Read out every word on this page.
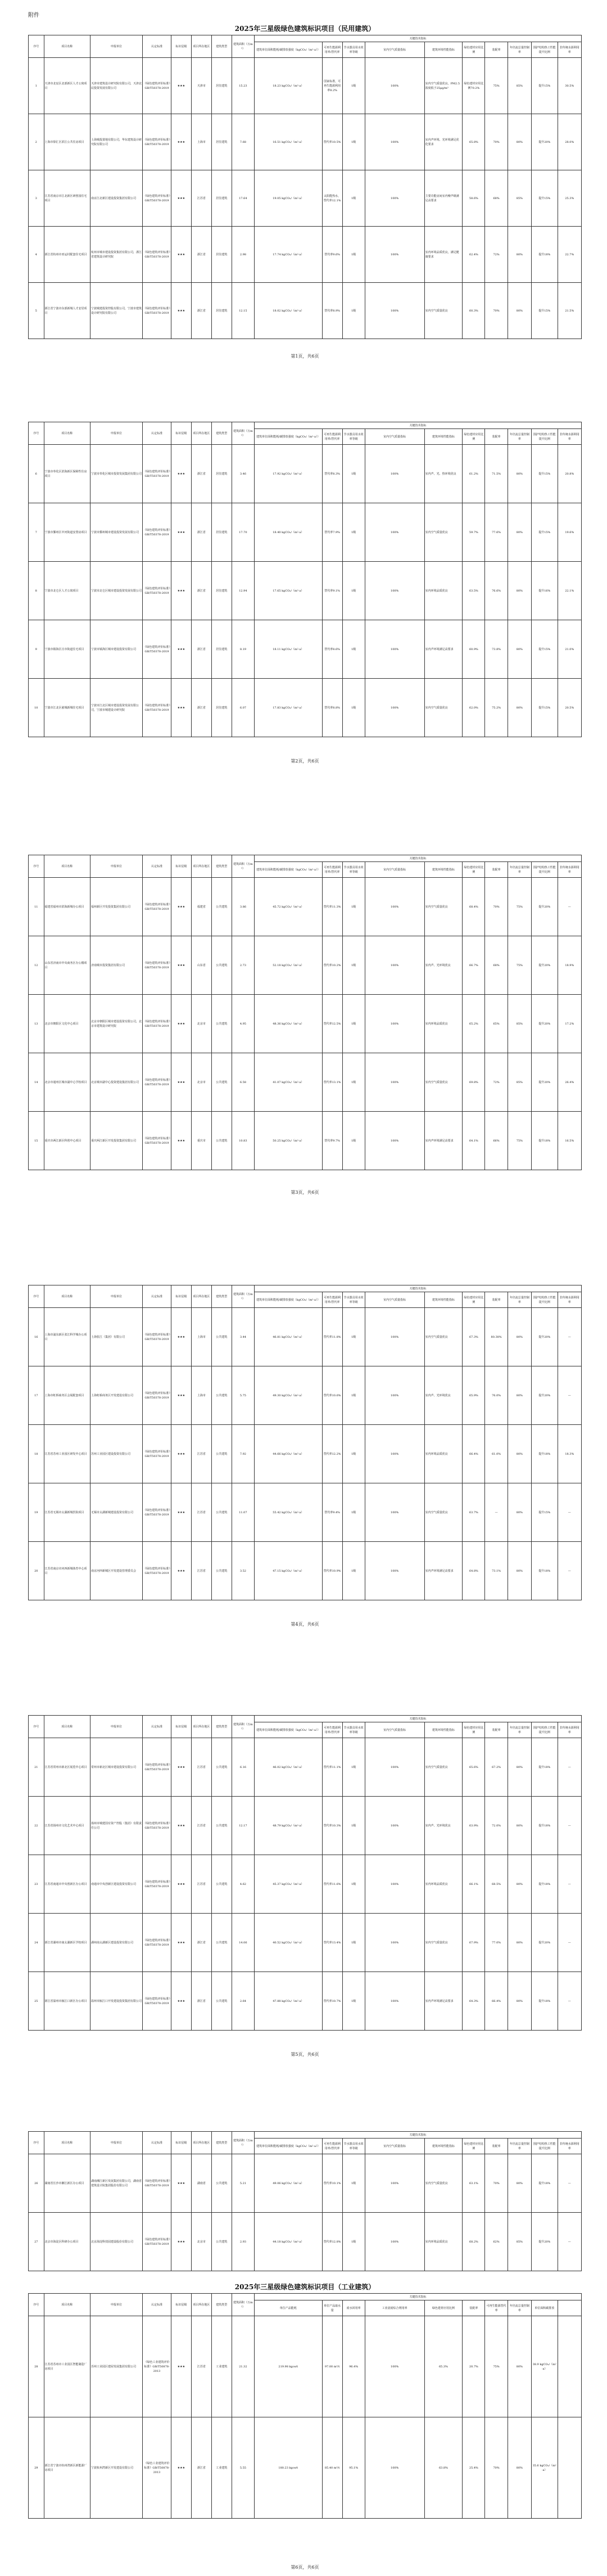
附件
2025年三星级绿色建筑标识项目（民用建筑）
序号	项目名称	申报单位	认定标准	标识星级	项目所在地区	建筑类型	建筑面积（万m²）	关键技术指标									
								建筑单位面积能耗/碳排放强度（kgCO₂/（m²·a））	可再生能源利用率/替代率	节水器具用水效率等级	室内空气质量指标	建筑环境性能指标	绿色建材应用比例	装配率	年径流总量控制率	围护结构热工性能提升比例	非传统水源利用率
1	天津市北辰区北部新区人才公寓项目	天津市建筑设计研究院有限公司，天津北辰投资发展有限公司	《绿色建筑评价标准》GB/T50378-2019	★★★	天津市	居住建筑	15.23	18.23 kgCO₂/（m²·a）	国家标准，可再生能源利用率8.2%	1级	100%	室内空气质量优良，PM2.5浓度低于25μg/m³	绿色建材应用比例70.2%	75%	85%	提升15%	30.5%
2	上海市徐汇区滨江公共住房项目	上海城投置地有限公司，华东建筑设计研究院有限公司	《绿色建筑评价标准》GB/T50378-2019	★★★	上海市	居住建筑	7.68	16.51 kgCO₂/（m²·a）	替代率10.5%	1级	100%	室内声环境、光环境满足优化要求	65.8%	70%	80%	提升20%	28.0%
3	江苏省南京市江北新区研创园住宅项目	南京江北新区建设投资集团有限公司	《绿色建筑评价标准》GB/T50378-2019	★★★	江苏省	居住建筑	17.64	19.05 kgCO₂/（m²·a）	太阳能热水，替代率12.1%	1级	100%	主要功能房间室内噪声级满足高要求	58.6%	68%	85%	提升15%	25.3%
4	浙江省杭州市亚运村配套住宅项目	杭州市城市建设投资集团有限公司，浙江省建筑设计研究院	《绿色建筑评价标准》GB/T50378-2019	★★★	浙江省	居住建筑	2.98	17.74 kgCO₂/（m²·a）	替代率9.6%	1级	100%	室内环境品质优良，满足健康要求	62.4%	72%	80%	提升18%	22.7%
5	浙江省宁波市东部新城人才安居项目	宁波城建投资控股有限公司，宁波市建筑设计研究院有限公司	《绿色建筑评价标准》GB/T50378-2019	★★★	浙江省	居住建筑	12.15	18.02 kgCO₂/（m²·a）	替代率8.9%	1级	100%	室内空气质量优良	60.3%	70%	80%	提升15%	21.5%
第1页，共6页
序号	项目名称	申报单位	认定标准	标识星级	项目所在地区	建筑类型	建筑面积（万m²）	关键技术指标									
								建筑单位面积能耗/碳排放强度（kgCO₂/（m²·a））	可再生能源利用率/替代率	节水器具用水效率等级	室内空气质量指标	建筑环境性能指标	绿色建材应用比例	装配率	年径流总量控制率	围护结构热工性能提升比例	非传统水源利用率
6	宁波市奉化区滨海新区保障性住房项目	宁波市奉化区城市投资发展集团有限公司	《绿色建筑评价标准》GB/T50378-2019	★★★	浙江省	居住建筑	3.46	17.92 kgCO₂/（m²·a）	替代率8.3%	1级	100%	室内声、光、热环境优良	61.2%	71.5%	80%	提升15%	20.8%
7	宁波市鄞州区中河街道安置房项目	宁波市鄞州城市建设投资发展有限公司	《绿色建筑评价标准》GB/T50378-2019	★★★	浙江省	居住建筑	17.70	18.40 kgCO₂/（m²·a）	替代率7.9%	1级	100%	室内空气质量优良	59.7%	77.6%	80%	提升15%	19.6%
8	宁波市北仑区人才公寓项目	宁波市北仑区城市建设投资发展有限公司	《绿色建筑评价标准》GB/T50378-2019	★★★	浙江省	居住建筑	12.94	17.65 kgCO₂/（m²·a）	替代率9.1%	1级	100%	室内环境品质优良	63.5%	76.6%	80%	提升16%	22.1%
9	宁波市镇海区庄市街道住宅项目	宁波市镇海区城市建设投资有限公司	《绿色建筑评价标准》GB/T50378-2019	★★★	浙江省	居住建筑	8.19	18.11 kgCO₂/（m²·a）	替代率8.6%	1级	100%	室内声环境满足高要求	60.9%	73.8%	80%	提升15%	21.0%
10	宁波市江北区慈城新城住宅项目	宁波市江北区城市建设投资发展有限公司，宁波市城建设计研究院	《绿色建筑评价标准》GB/T50378-2019	★★★	浙江省	居住建筑	6.07	17.83 kgCO₂/（m²·a）	替代率8.8%	1级	100%	室内空气质量优良	62.0%	75.2%	80%	提升15%	20.5%
第2页，共6页
序号	项目名称	申报单位	认定标准	标识星级	项目所在地区	建筑类型	建筑面积（万m²）	关键技术指标									
								建筑单位面积能耗/碳排放强度（kgCO₂/（m²·a））	可再生能源利用率/替代率	节水器具用水效率等级	室内空气质量指标	建筑环境性能指标	绿色建材应用比例	装配率	年径流总量控制率	围护结构热工性能提升比例	非传统水源利用率
11	福建省福州市滨海新城办公项目	福州新区开发投资集团有限公司	《绿色建筑评价标准》GB/T50378-2019	★★★	福建省	公共建筑	3.86	45.72 kgCO₂/（m²·a）	替代率11.3%	1级	100%	室内空气质量优良	68.4%	70%	75%	提升20%	—
12	山东省济南市中央商务区办公楼项目	济南城市投资集团有限公司	《绿色建筑评价标准》GB/T50378-2019	★★★	山东省	公共建筑	2.73	52.18 kgCO₂/（m²·a）	替代率10.2%	1级	100%	室内声、光环境优良	66.7%	68%	75%	提升20%	18.9%
13	北京市朝阳区文化中心项目	北京市朝阳区城市建设投资有限公司，北京市建筑设计研究院	《绿色建筑评价标准》GB/T50378-2019	★★★	北京市	公共建筑	4.95	48.36 kgCO₂/（m²·a）	替代率12.5%	1级	100%	室内环境品质优良	65.2%	65%	85%	提升20%	17.2%
14	北京市通州区城市副中心学校项目	北京城市副中心投资建设集团有限公司	《绿色建筑评价标准》GB/T50378-2019	★★★	北京市	公共建筑	6.58	41.07 kgCO₂/（m²·a）	替代率13.1%	1级	100%	室内空气质量优良	69.8%	72%	85%	提升20%	26.4%
15	重庆市两江新区科创中心项目	重庆两江新区开发投资集团有限公司	《绿色建筑评价标准》GB/T50378-2019	★★★	重庆市	公共建筑	10.83	50.25 kgCO₂/（m²·a）	替代率9.7%	1级	100%	室内声环境满足高要求	64.1%	66%	75%	提升18%	16.5%
第3页，共6页
序号	项目名称	申报单位	认定标准	标识星级	项目所在地区	建筑类型	建筑面积（万m²）	关键技术指标									
								建筑单位面积能耗/碳排放强度（kgCO₂/（m²·a））	可再生能源利用率/替代率	节水器具用水效率等级	室内空气质量指标	建筑环境性能指标	绿色建材应用比例	装配率	年径流总量控制率	围护结构热工性能提升比例	非传统水源利用率
16	上海市浦东新区张江科学城办公项目	上海张江（集团）有限公司	《绿色建筑评价标准》GB/T50378-2019	★★★	上海市	公共建筑	3.44	46.81 kgCO₂/（m²·a）	替代率11.8%	1级	100%	室内空气质量优良	67.3%	80.38%	80%	提升20%	—
17	上海市虹桥商务区会展配套项目	上海虹桥商务区开发建设有限公司	《绿色建筑评价标准》GB/T50378-2019	★★★	上海市	公共建筑	5.75	49.30 kgCO₂/（m²·a）	替代率10.6%	1级	100%	室内声、光环境优良	65.9%	76.0%	80%	提升20%	—
18	江苏省苏州工业园区研发中心项目	苏州工业园区建设投资有限公司	《绿色建筑评价标准》GB/T50378-2019	★★★	江苏省	公共建筑	7.92	44.66 kgCO₂/（m²·a）	替代率12.2%	1级	100%	室内环境品质优良	66.4%	61.0%	80%	提升18%	18.3%
19	江苏省无锡市太湖新城医院项目	无锡市太湖新城建设投资有限公司	《绿色建筑评价标准》GB/T50378-2019	★★★	江苏省	公共建筑	11.07	55.42 kgCO₂/（m²·a）	替代率9.4%	1级	100%	室内空气质量优良	63.7%	—	80%	提升15%	—
20	江苏省南京市河西新城体育中心项目	南京河西新城区开发建设管理委员会	《绿色建筑评价标准》GB/T50378-2019	★★★	江苏省	公共建筑	3.52	47.15 kgCO₂/（m²·a）	替代率10.9%	1级	100%	室内声环境满足高要求	64.8%	73.1%	80%	提升18%	—
第4页，共6页
序号	项目名称	申报单位	认定标准	标识星级	项目所在地区	建筑类型	建筑面积（万m²）	关键技术指标									
								建筑单位面积能耗/碳排放强度（kgCO₂/（m²·a））	可再生能源利用率/替代率	节水器具用水效率等级	室内空气质量指标	建筑环境性能指标	绿色建材应用比例	装配率	年径流总量控制率	围护结构热工性能提升比例	非传统水源利用率
21	江苏省常州市新北区展览中心项目	常州市新北区城市建设投资有限公司	《绿色建筑评价标准》GB/T50378-2019	★★★	江苏省	公共建筑	6.16	46.02 kgCO₂/（m²·a）	替代率11.1%	1级	100%	室内空气质量优良	65.6%	67.2%	80%	提升18%	—
22	江苏省扬州市文化艺术中心项目	扬州市城建国有资产控股（集团）有限责任公司	《绿色建筑评价标准》GB/T50378-2019	★★★	江苏省	公共建筑	12.17	48.79 kgCO₂/（m²·a）	替代率10.3%	1级	100%	室内声、光环境优良	63.9%	72.0%	80%	提升18%	—
23	江苏省南通市中央创新区办公项目	南通市中央创新区建设投资有限公司	《绿色建筑评价标准》GB/T50378-2019	★★★	江苏省	公共建筑	4.62	45.37 kgCO₂/（m²·a）	替代率11.6%	1级	100%	室内环境品质优良	66.1%	68.5%	80%	提升18%	—
24	浙江省湖州市南太湖新区学校项目	湖州南太湖新区建设投资有限公司	《绿色建筑评价标准》GB/T50378-2019	★★★	浙江省	公共建筑	14.06	40.52 kgCO₂/（m²·a）	替代率13.4%	1级	100%	室内空气质量优良	67.9%	77.0%	80%	提升20%	—
25	浙江省温州市瓯江口新区办公项目	温州市瓯江口开发建设投资集团有限公司	《绿色建筑评价标准》GB/T50378-2019	★★★	浙江省	公共建筑	2.64	47.88 kgCO₂/（m²·a）	替代率10.7%	1级	100%	室内声环境满足高要求	64.3%	66.4%	80%	提升18%	—
第5页，共6页
序号	项目名称	申报单位	认定标准	标识星级	项目所在地区	建筑类型	建筑面积（万m²）	关键技术指标									
								建筑单位面积能耗/碳排放强度（kgCO₂/（m²·a））	可再生能源利用率/替代率	节水器具用水效率等级	室内空气质量指标	建筑环境性能指标	绿色建材应用比例	装配率	年径流总量控制率	围护结构热工性能提升比例	非传统水源利用率
26	湖南省长沙市湘江新区办公项目	湖南湘江新区发展集团有限公司，湖南省建筑设计院集团股份有限公司	《绿色建筑评价标准》GB/T50378-2019	★★★	湖南省	公共建筑	5.21	49.06 kgCO₂/（m²·a）	替代率10.1%	1级	100%	室内空气质量优良	63.1%	70%	80%	提升18%	—
27	北京市海淀区科研办公项目	北京海淀科技园建设股份有限公司	《绿色建筑评价标准》GB/T50378-2019	★★★	北京市	公共建筑	2.93	44.18 kgCO₂/（m²·a）	替代率12.8%	1级	100%	室内环境品质优良	68.2%	62%	85%	提升20%	—
2025年三星级绿色建筑标识项目（工业建筑）
序号	项目名称	申报单位	认定标准	标识星级	项目所在地区	建筑类型	建筑面积（万m²）	关键技术指标									
								单位产品能耗	单位产品取水量	废水回用率	工业固废综合利用率	绿色建材应用比例	装配率	可再生能源替代率	年径流总量控制率	单位面积碳排放	
28	江苏省苏州市工业园区智能制造厂房项目	苏州工业园区建屋发展集团有限公司	《绿色工业建筑评价标准》GB/T50878-2013	★★★	江苏省	工业建筑	21.32	219.98 kgce/t	97.00 m³/t	96.4%	100%	65.3%	20.7%	75%	80%	38.9 kgCO₂/（m²·a）	
29	浙江省宁波市杭州湾新区新能源厂房项目	宁波杭州湾新区开发建设有限公司	《绿色工业建筑评价标准》GB/T50878-2013	★★★	浙江省	工业建筑	5.55	180.23 kgce/t	85.40 m³/t	95.1%	100%	63.8%	25.4%	70%	80%	35.6 kgCO₂/（m²·a）	
第6页，共6页
